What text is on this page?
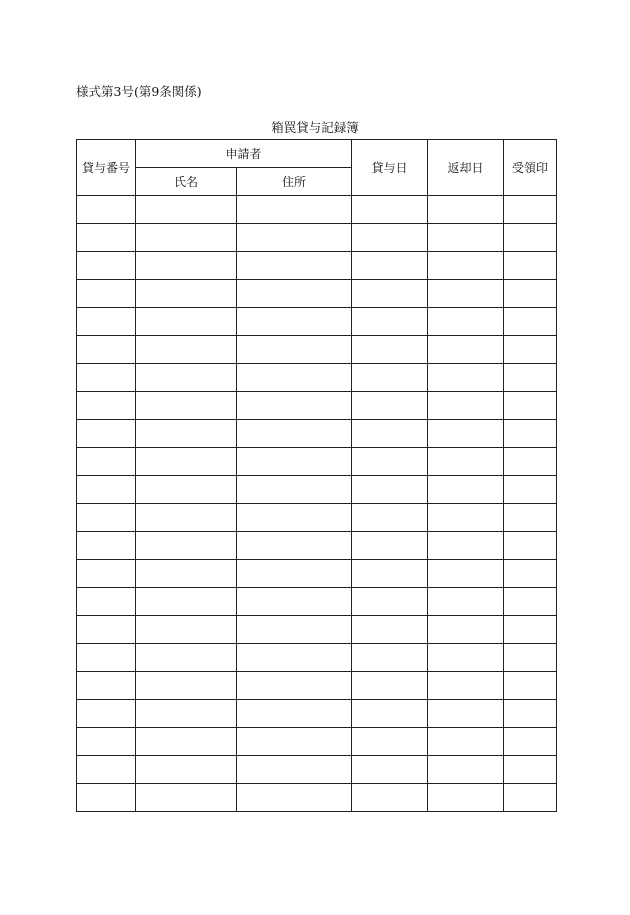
様式第3号(第9条関係)
箱罠貸与記録簿
貸与番号	申請者		貸与日	返却日	受領印
	氏名	住所			
